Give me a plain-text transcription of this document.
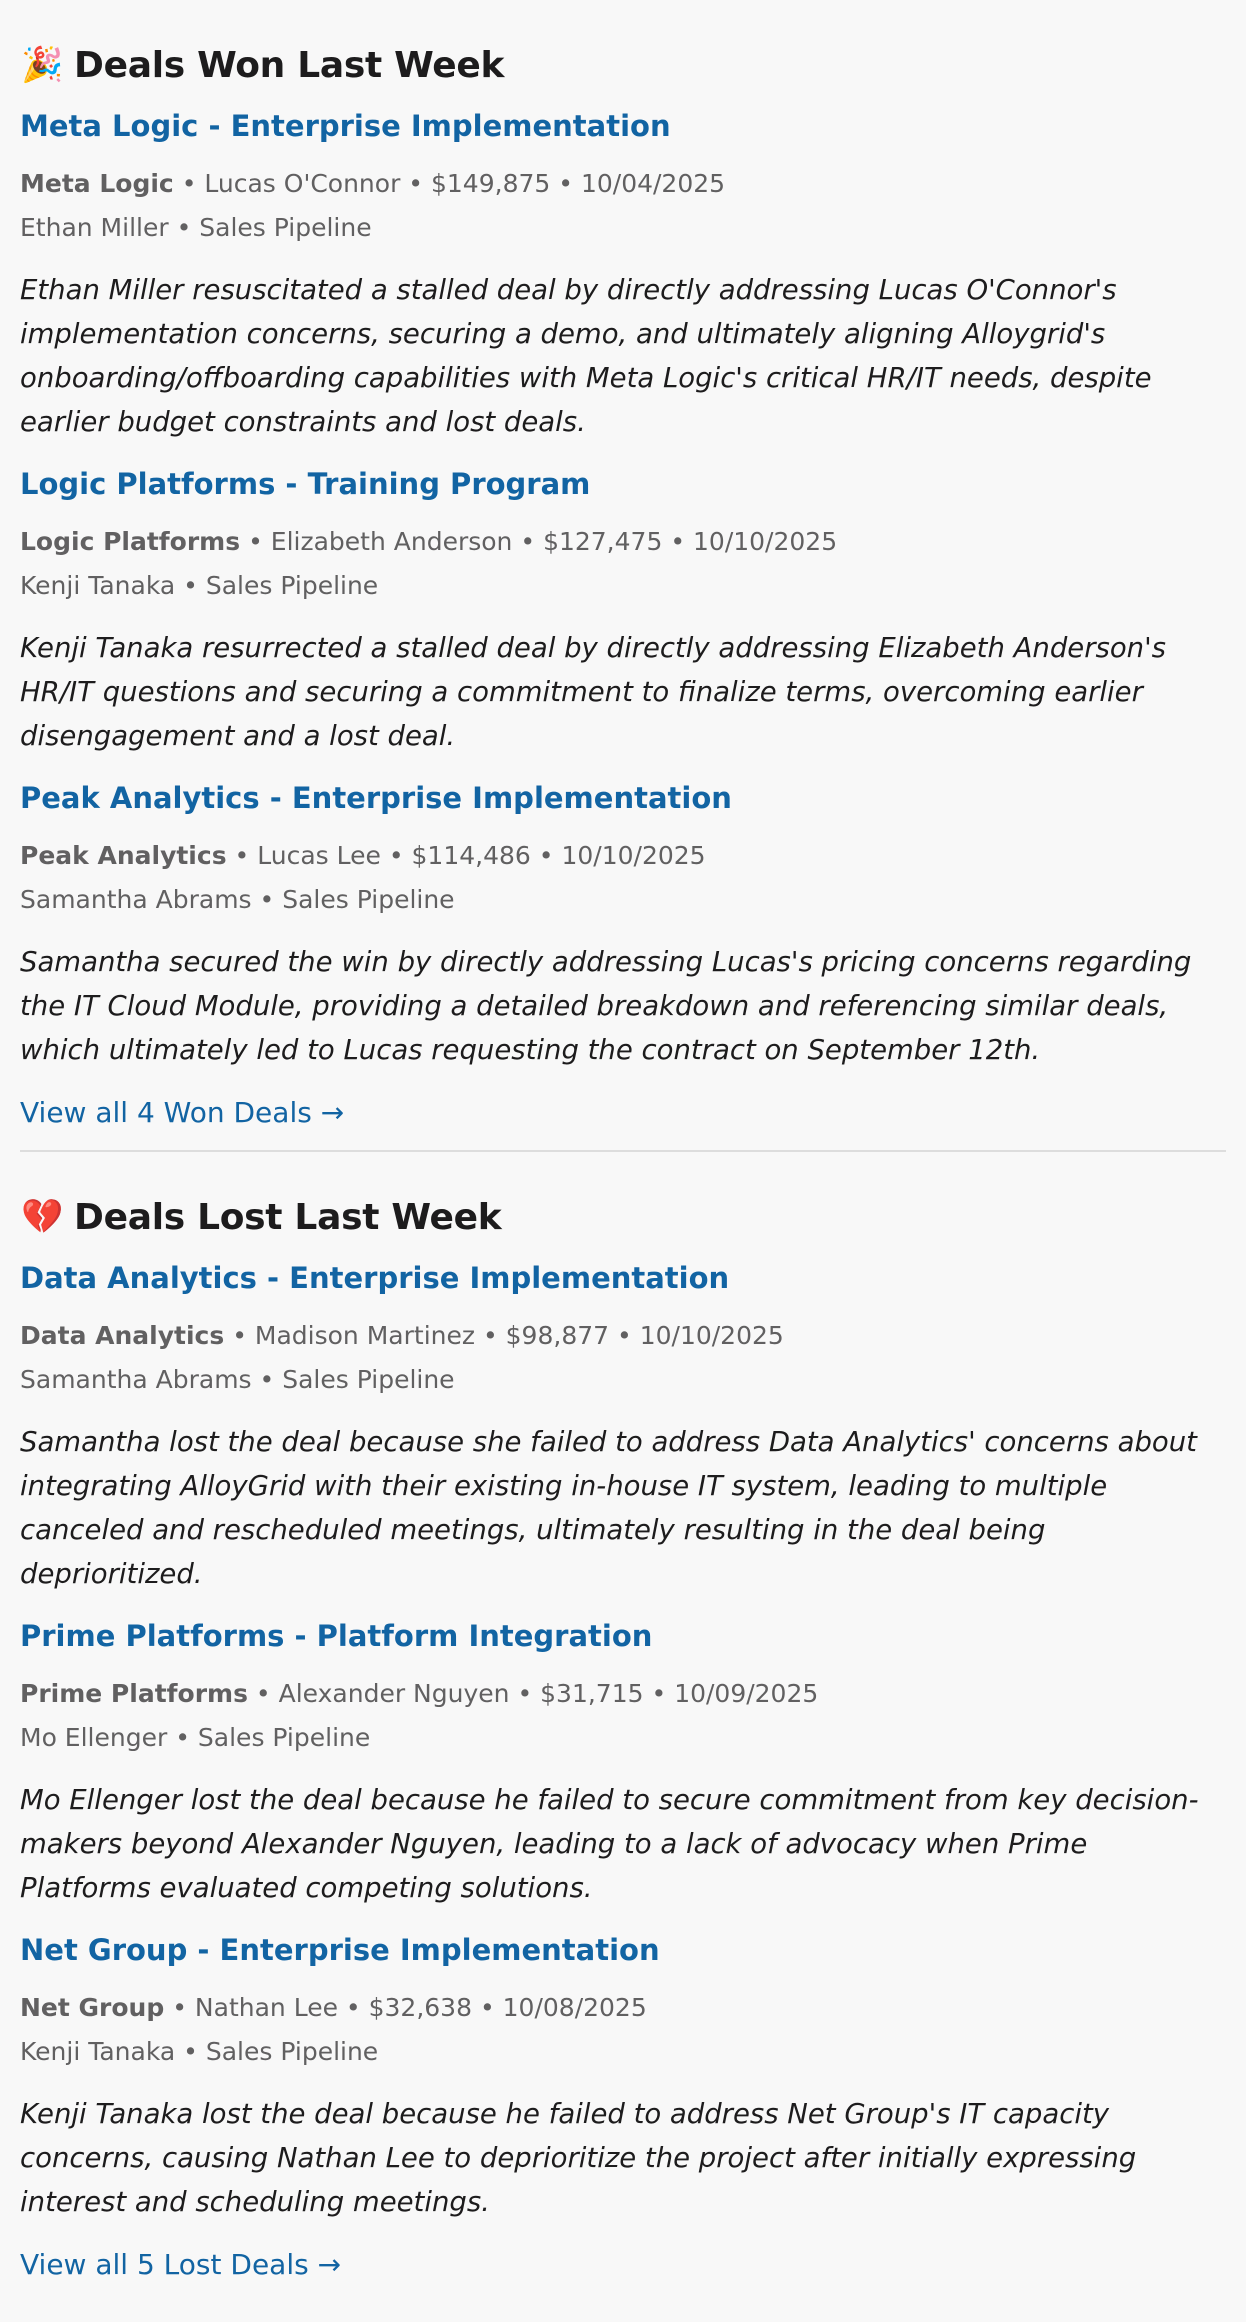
🎉 Deals Won Last Week
Meta Logic - Enterprise Implementation
Meta Logic • Lucas O'Connor • $149,875 • 10/04/2025
Ethan Miller • Sales Pipeline

Ethan Miller resuscitated a stalled deal by directly addressing Lucas O'Connor's implementation concerns, securing a demo, and ultimately aligning Alloygrid's onboarding/offboarding capabilities with Meta Logic's critical HR/IT needs, despite earlier budget constraints and lost deals.

Logic Platforms - Training Program
Logic Platforms • Elizabeth Anderson • $127,475 • 10/10/2025
Kenji Tanaka • Sales Pipeline

Kenji Tanaka resurrected a stalled deal by directly addressing Elizabeth Anderson's HR/IT questions and securing a commitment to finalize terms, overcoming earlier disengagement and a lost deal.

Peak Analytics - Enterprise Implementation
Peak Analytics • Lucas Lee • $114,486 • 10/10/2025
Samantha Abrams • Sales Pipeline

Samantha secured the win by directly addressing Lucas's pricing concerns regarding the IT Cloud Module, providing a detailed breakdown and referencing similar deals, which ultimately led to Lucas requesting the contract on September 12th.

View all 4 Won Deals →
💔 Deals Lost Last Week
Data Analytics - Enterprise Implementation
Data Analytics • Madison Martinez • $98,877 • 10/10/2025
Samantha Abrams • Sales Pipeline

Samantha lost the deal because she failed to address Data Analytics' concerns about integrating AlloyGrid with their existing in-house IT system, leading to multiple canceled and rescheduled meetings, ultimately resulting in the deal being deprioritized.

Prime Platforms - Platform Integration
Prime Platforms • Alexander Nguyen • $31,715 • 10/09/2025
Mo Ellenger • Sales Pipeline

Mo Ellenger lost the deal because he failed to secure commitment from key decision-makers beyond Alexander Nguyen, leading to a lack of advocacy when Prime Platforms evaluated competing solutions.

Net Group - Enterprise Implementation
Net Group • Nathan Lee • $32,638 • 10/08/2025
Kenji Tanaka • Sales Pipeline

Kenji Tanaka lost the deal because he failed to address Net Group's IT capacity concerns, causing Nathan Lee to deprioritize the project after initially expressing interest and scheduling meetings.

View all 5 Lost Deals →
